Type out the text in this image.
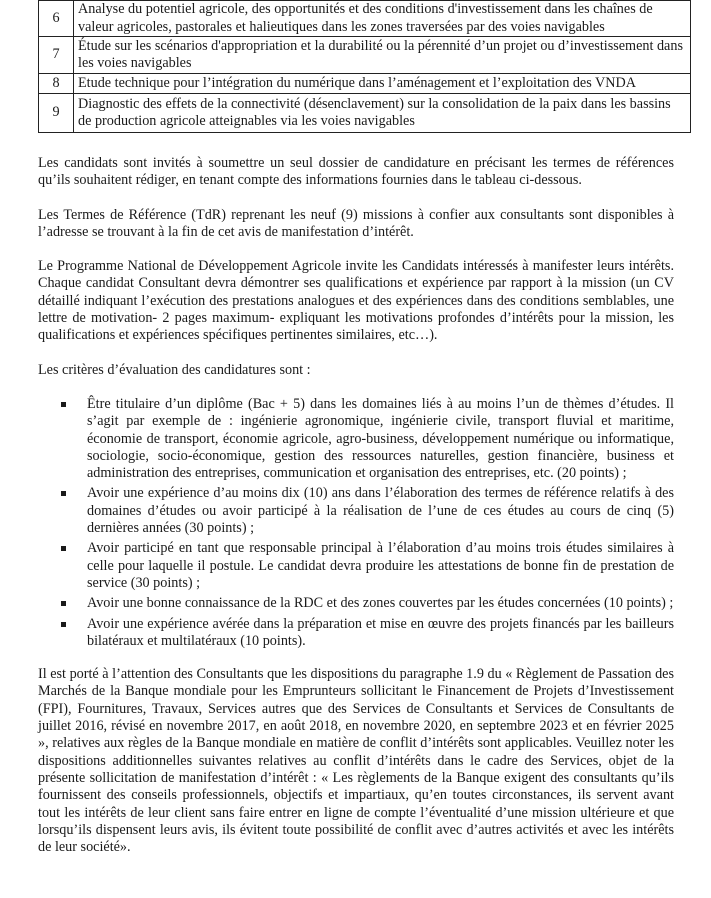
6	Analyse du potentiel agricole, des opportunités et des conditions d'investissement dans les chaînes de valeur agricoles, pastorales et halieutiques dans les zones traversées par des voies navigables
7	Étude sur les scénarios d'appropriation et la durabilité ou la pérennité d’un projet ou d’investissement dans les voies navigables
8	Etude technique pour l’intégration du numérique dans l’aménagement et l’exploitation des VNDA
9	Diagnostic des effets de la connectivité (désenclavement) sur la consolidation de la paix dans les bassins de production agricole atteignables via les voies navigables

Les candidats sont invités à soumettre un seul dossier de candidature en précisant les termes de références qu’ils souhaitent rédiger, en tenant compte des informations fournies dans le tableau ci-dessous.

Les Termes de Référence (TdR) reprenant les neuf (9) missions à confier aux consultants sont disponibles à l’adresse se trouvant à la fin de cet avis de manifestation d’intérêt.

Le Programme National de Développement Agricole invite les Candidats intéressés à manifester leurs intérêts. Chaque candidat Consultant devra démontrer ses qualifications et expérience par rapport à la mission (un CV détaillé indiquant l’exécution des prestations analogues et des expériences dans des conditions semblables, une lettre de motivation- 2 pages maximum- expliquant les motivations profondes d’intérêts pour la mission, les qualifications et expériences spécifiques pertinentes similaires, etc…).

Les critères d’évaluation des candidatures sont :

Être titulaire d’un diplôme (Bac + 5) dans les domaines liés à au moins l’un de thèmes d’études. Il s’agit par exemple de : ingénierie agronomique, ingénierie civile, transport fluvial et maritime, économie de transport, économie agricole, agro-business, développement numérique ou informatique, sociologie, socio-économique, gestion des ressources naturelles, gestion financière, business et administration des entreprises, communication et organisation des entreprises, etc. (20 points) ;
Avoir une expérience d’au moins dix (10) ans dans l’élaboration des termes de référence relatifs à des domaines d’études ou avoir participé à la réalisation de l’une de ces études au cours de cinq (5) dernières années (30 points) ;
Avoir participé en tant que responsable principal à l’élaboration d’au moins trois études similaires à celle pour laquelle il postule. Le candidat devra produire les attestations de bonne fin de prestation de service (30 points) ;
Avoir une bonne connaissance de la RDC et des zones couvertes par les études concernées (10 points) ;
Avoir une expérience avérée dans la préparation et mise en œuvre des projets financés par les bailleurs bilatéraux et multilatéraux (10 points).

Il est porté à l’attention des Consultants que les dispositions du paragraphe 1.9 du « Règlement de Passation des Marchés de la Banque mondiale pour les Emprunteurs sollicitant le Financement de Projets d’Investissement (FPI), Fournitures, Travaux, Services autres que des Services de Consultants et Services de Consultants de juillet 2016, révisé en novembre 2017, en août 2018, en novembre 2020, en septembre 2023 et en février 2025 », relatives aux règles de la Banque mondiale en matière de conflit d’intérêts sont applicables. Veuillez noter les dispositions additionnelles suivantes relatives au conflit d’intérêts dans le cadre des Services, objet de la présente sollicitation de manifestation d’intérêt : « Les règlements de la Banque exigent des consultants qu’ils fournissent des conseils professionnels, objectifs et impartiaux, qu’en toutes circonstances, ils servent avant tout les intérêts de leur client sans faire entrer en ligne de compte l’éventualité d’une mission ultérieure et que lorsqu’ils dispensent leurs avis, ils évitent toute possibilité de conflit avec d’autres activités et avec les intérêts de leur société».
